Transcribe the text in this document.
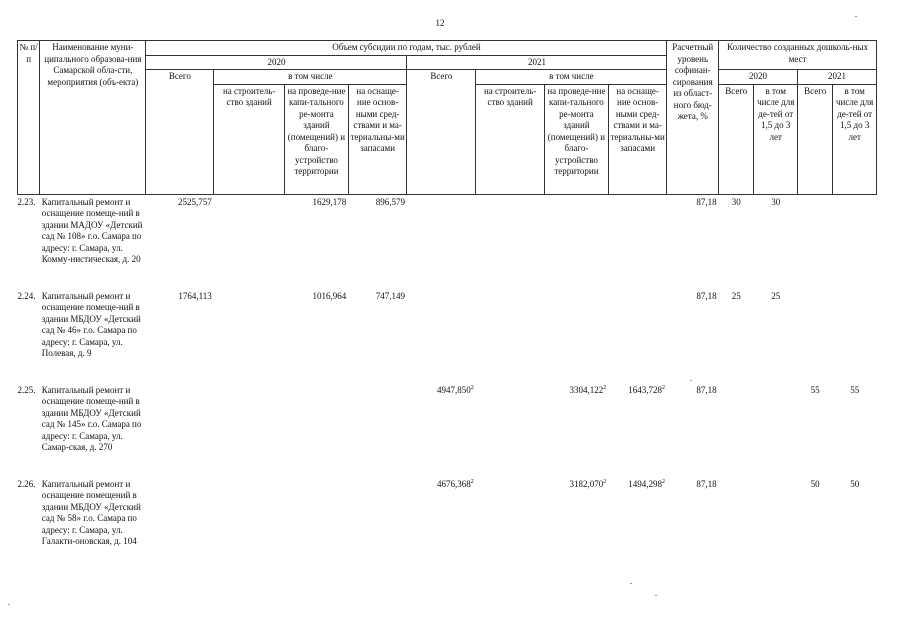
12
№ п/п	Наименование муни-ципального образова-ния Самарской обла-сти, мероприятия (объ-екта)	Объем субсидии по годам, тыс. рублей								Расчетный уровень софинан-сирования из област-ного бюд-жета, %	Количество созданных дошколь-ных мест			
		2020				2021								
		Всего	в том числе			Всего	в том числе				2020		2021	
			на строитель-ство зданий	на проведе-ние капи-тального ре-монта зданий (помещений) и благо-устройство территории	на оснаще-ние основ-ными сред-ствами и ма-териальны-ми запасами		на строитель-ство зданий	на проведе-ние капи-тального ре-монта зданий (помещений) и благо-устройство территории	на оснаще-ние основ-ными сред-ствами и ма-териальны-ми запасами		Всего	в том числе для де-тей от 1,5 до 3 лет	Всего	в том числе для де-тей от 1,5 до 3 лет
2.23.	Капитальный ремонт и оснащение помеще-ний в здании МАДОУ «Детский сад № 108» г.о. Самара по адресу: г. Самара, ул. Комму-нистическая, д. 20	2525,757		1629,178	896,579					87,18	30	30		
2.24.	Капитальный ремонт и оснащение помеще-ний в здании МБДОУ «Детский сад № 46» г.о. Самара по адресу: г. Самара, ул. Полевая, д. 9	1764,113		1016,964	747,149					87,18	25	25		
2.25.	Капитальный ремонт и оснащение помеще-ний в здании МБДОУ «Детский сад № 145» г.о. Самара по адресу: г. Самара, ул. Самар-ская, д. 270					4947,850$^2$		3304,122$^2$	1643,728$^2$	87,18			55	55
2.26.	Капитальный ремонт и оснащение помещений в здании МБДОУ «Детский сад № 58» г.о. Самара по адресу: г. Самара, ул. Галакти-оновская, д. 104					4676,368$^2$		3182,070$^2$	1494,298$^2$	87,18			50	50
